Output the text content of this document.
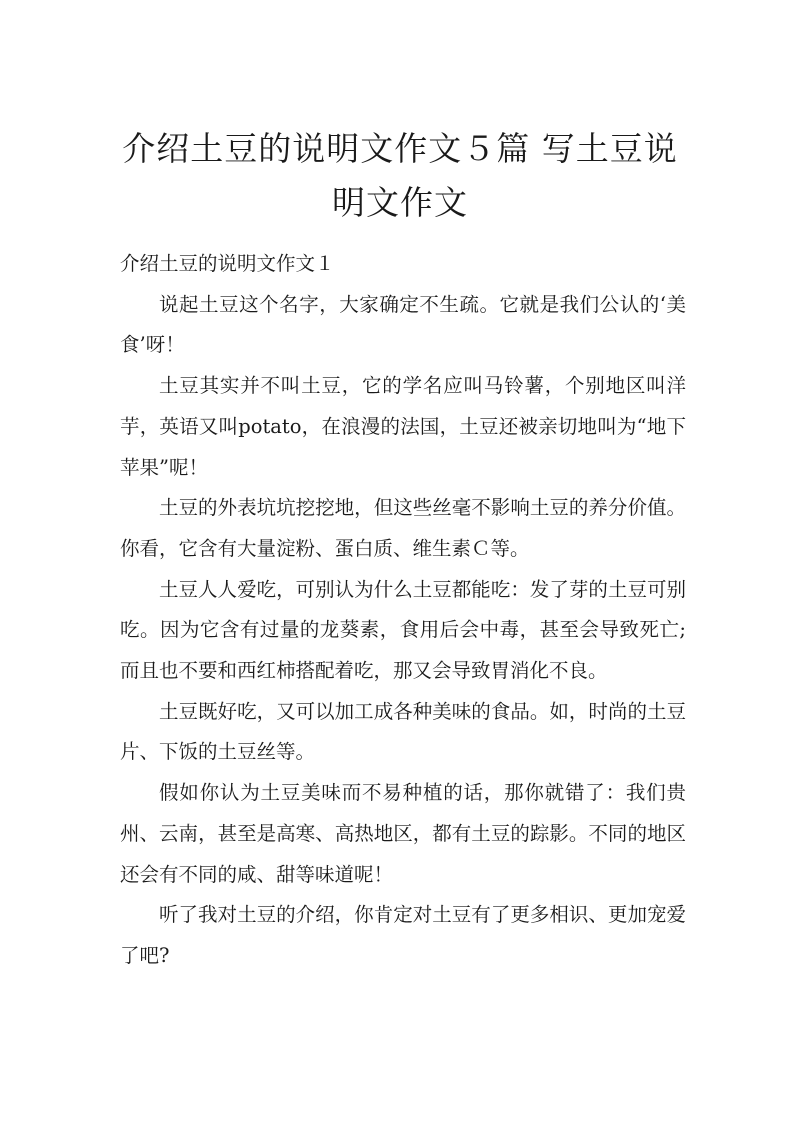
介绍土豆的说明文作文５篇 写土豆说明文作文

介绍土豆的说明文作文１

说起土豆这个名字，大家确定不生疏。它就是我们公认的‘美食’呀！

土豆其实并不叫土豆，它的学名应叫马铃薯，个别地区叫洋芋，英语又叫potato，在浪漫的法国，土豆还被亲切地叫为“地下苹果”呢！

土豆的外表坑坑挖挖地，但这些丝毫不影响土豆的养分价值。你看，它含有大量淀粉、蛋白质、维生素Ｃ等。

土豆人人爱吃，可别认为什么土豆都能吃：发了芽的土豆可别吃。因为它含有过量的龙葵素，食用后会中毒，甚至会导致死亡;而且也不要和西红柿搭配着吃，那又会导致胃消化不良。

土豆既好吃，又可以加工成各种美味的食品。如，时尚的土豆片、下饭的土豆丝等。

假如你认为土豆美味而不易种植的话，那你就错了：我们贵州、云南，甚至是高寒、高热地区，都有土豆的踪影。不同的地区还会有不同的咸、甜等味道呢！

听了我对土豆的介绍，你肯定对土豆有了更多相识、更加宠爱了吧?
